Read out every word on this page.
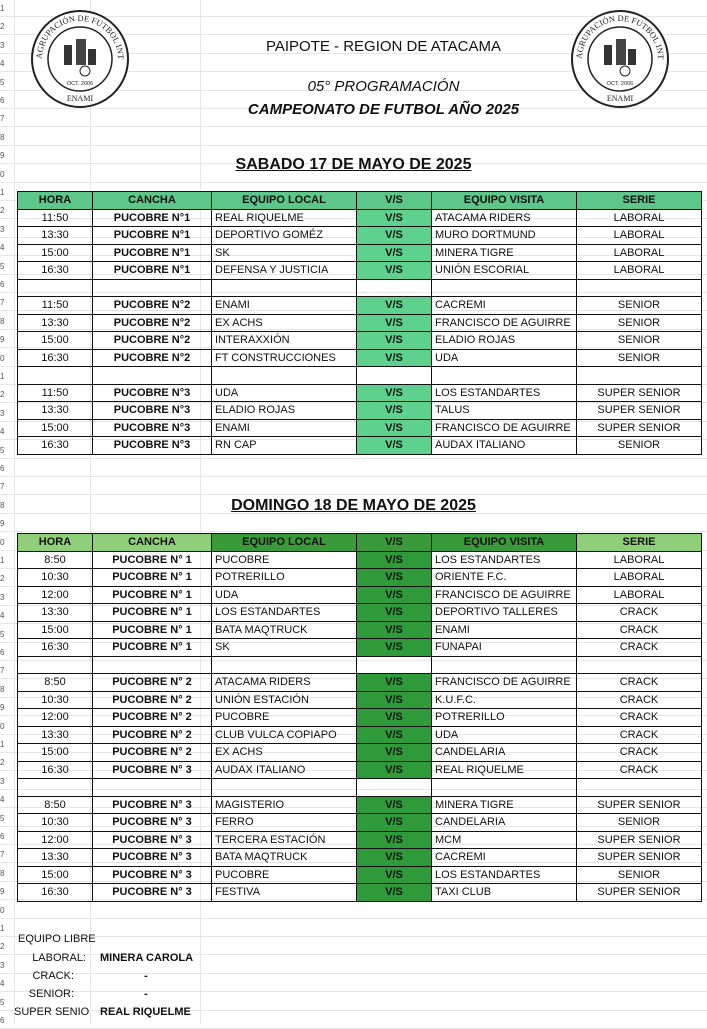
1
2
3
4
5
6
7
8
9
0
1
2
3
4
5
6
7
8
9
0
1
2
3
4
5
6
7
8
9
0
1
2
3
4
5
6
7
8
9
0
1
2
3
4
5
6
7
8
9
0
1
2
3
4
5
6
AGRUPACIÓN DE FUTBOL INT
OCT. 2006
ENAMI
AGRUPACIÓN DE FUTBOL INT
OCT. 2006
ENAMI
PAIPOTE - REGION DE ATACAMA
05° PROGRAMACIÓN
CAMPEONATO DE FUTBOL AÑO 2025
SABADO 17 DE MAYO DE 2025
HORA	CANCHA	EQUIPO LOCAL	V/S	EQUIPO VISITA	SERIE
11:50	PUCOBRE N°1	REAL RIQUELME	V/S	ATACAMA RIDERS	LABORAL
13:30	PUCOBRE N°1	DEPORTIVO GOMÉZ	V/S	MURO DORTMUND	LABORAL
15:00	PUCOBRE N°1	SK	V/S	MINERA TIGRE	LABORAL
16:30	PUCOBRE N°1	DEFENSA Y JUSTICIA	V/S	UNIÓN ESCORIAL	LABORAL

11:50	PUCOBRE N°2	ENAMI	V/S	CACREMI	SENIOR
13:30	PUCOBRE N°2	EX ACHS	V/S	FRANCISCO DE AGUIRRE	SENIOR
15:00	PUCOBRE N°2	INTERAXXIÓN	V/S	ELADIO ROJAS	SENIOR
16:30	PUCOBRE N°2	FT CONSTRUCCIONES	V/S	UDA	SENIOR

11:50	PUCOBRE N°3	UDA	V/S	LOS ESTANDARTES	SUPER SENIOR
13:30	PUCOBRE N°3	ELADIO ROJAS	V/S	TALUS	SUPER SENIOR
15:00	PUCOBRE N°3	ENAMI	V/S	FRANCISCO DE AGUIRRE	SUPER SENIOR
16:30	PUCOBRE N°3	RN CAP	V/S	AUDAX ITALIANO	SENIOR
DOMINGO 18 DE MAYO DE 2025
HORA	CANCHA	EQUIPO LOCAL	V/S	EQUIPO VISITA	SERIE
8:50	PUCOBRE N° 1	PUCOBRE	V/S	LOS ESTANDARTES	LABORAL
10:30	PUCOBRE N° 1	POTRERILLO	V/S	ORIENTE F.C.	LABORAL
12:00	PUCOBRE N° 1	UDA	V/S	FRANCISCO DE AGUIRRE	LABORAL
13:30	PUCOBRE N° 1	LOS ESTANDARTES	V/S	DEPORTIVO TALLERES	CRACK
15:00	PUCOBRE N° 1	BATA MAQTRUCK	V/S	ENAMI	CRACK
16:30	PUCOBRE N° 1	SK	V/S	FUNAPAI	CRACK

8:50	PUCOBRE N° 2	ATACAMA RIDERS	V/S	FRANCISCO DE AGUIRRE	CRACK
10:30	PUCOBRE N° 2	UNIÓN ESTACIÓN	V/S	K.U.F.C.	CRACK
12:00	PUCOBRE N° 2	PUCOBRE	V/S	POTRERILLO	CRACK
13:30	PUCOBRE N° 2	CLUB VULCA COPIAPO	V/S	UDA	CRACK
15:00	PUCOBRE N° 2	EX ACHS	V/S	CANDELARIA	CRACK
16:30	PUCOBRE N° 3	AUDAX ITALIANO	V/S	REAL RIQUELME	CRACK

8:50	PUCOBRE N° 3	MAGISTERIO	V/S	MINERA TIGRE	SUPER SENIOR
10:30	PUCOBRE N° 3	FERRO	V/S	CANDELARIA	SENIOR
12:00	PUCOBRE N° 3	TERCERA ESTACIÓN	V/S	MCM	SUPER SENIOR
13:30	PUCOBRE N° 3	BATA MAQTRUCK	V/S	CACREMI	SUPER SENIOR
15:00	PUCOBRE N° 3	PUCOBRE	V/S	LOS ESTANDARTES	SENIOR
16:30	PUCOBRE N° 3	FESTIVA	V/S	TAXI CLUB	SUPER SENIOR
EQUIPO LIBRE
LABORAL: MINERA CAROLA
CRACK:	-
SENIOR:	-
SUPER SENIO REAL RIQUELME
